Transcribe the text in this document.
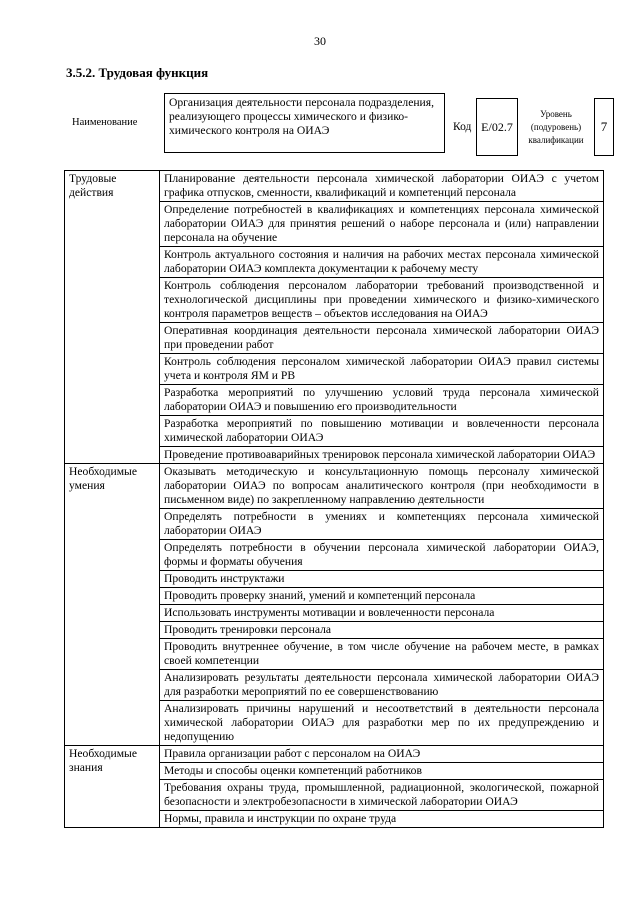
30
3.5.2. Трудовая функция
Наименование
Организация деятельности персонала подразделения, реализующего процессы химического и физико-химического контроля на ОИАЭ	Код E/02.7
Уровень (подуровень) квалификации
7
Трудовые действия	Планирование деятельности персонала химической лаборатории ОИАЭ с учетом графика отпусков, сменности, квалификаций и компетенций персонала
	Определение потребностей в квалификациях и компетенциях персонала химической лаборатории ОИАЭ для принятия решений о наборе персонала и (или) направлении персонала на обучение
	Контроль актуального состояния и наличия на рабочих местах персонала химической лаборатории ОИАЭ комплекта документации к рабочему месту
	Контроль соблюдения персоналом лаборатории требований производственной и технологической дисциплины при проведении химического и физико-химического контроля параметров веществ – объектов исследования на ОИАЭ
	Оперативная координация деятельности персонала химической лаборатории ОИАЭ при проведении работ
	Контроль соблюдения персоналом химической лаборатории ОИАЭ правил системы учета и контроля ЯМ и РВ
	Разработка мероприятий по улучшению условий труда персонала химической лаборатории ОИАЭ и повышению его производительности
	Разработка мероприятий по повышению мотивации и вовлеченности персонала химической лаборатории ОИАЭ
	Проведение противоаварийных тренировок персонала химической лаборатории ОИАЭ
Необходимые умения	Оказывать методическую и консультационную помощь персоналу химической лаборатории ОИАЭ по вопросам аналитического контроля (при необходимости в письменном виде) по закрепленному направлению деятельности
	Определять потребности в умениях и компетенциях персонала химической лаборатории ОИАЭ
	Определять потребности в обучении персонала химической лаборатории ОИАЭ, формы и форматы обучения
	Проводить инструктажи
	Проводить проверку знаний, умений и компетенций персонала
	Использовать инструменты мотивации и вовлеченности персонала
	Проводить тренировки персонала
	Проводить внутреннее обучение, в том числе обучение на рабочем месте, в рамках своей компетенции
	Анализировать результаты деятельности персонала химической лаборатории ОИАЭ для разработки мероприятий по ее совершенствованию
	Анализировать причины нарушений и несоответствий в деятельности персонала химической лаборатории ОИАЭ для разработки мер по их предупреждению и недопущению
Необходимые знания	Правила организации работ с персоналом на ОИАЭ
	Методы и способы оценки компетенций работников
	Требования охраны труда, промышленной, радиационной, экологической, пожарной безопасности и электробезопасности в химической лаборатории ОИАЭ
	Нормы, правила и инструкции по охране труда
